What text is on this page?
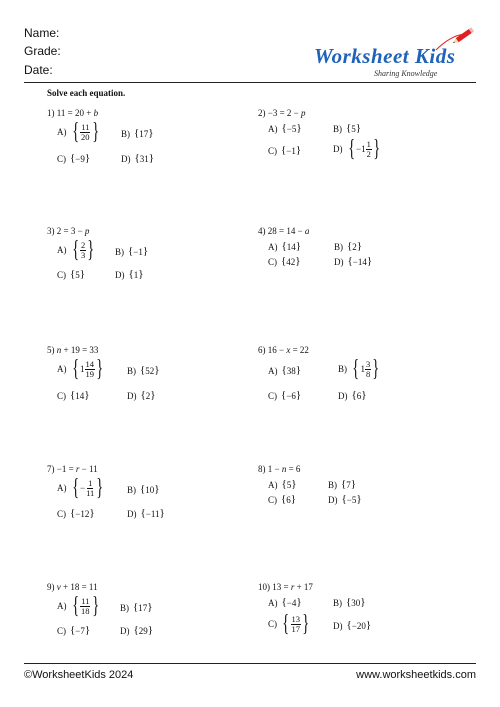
Name:
Grade:
Date:
Worksheet Kids
Sharing Knowledge
Solve each equation.
1) 11 = 20 + b
A) { $\frac{11}{20}$ } B) { 17 }
C) { −9 }	D) { 31 }
2) −3 = 2 − p
A) { −5 }	B) { 5 }
C) { −1 }	D) { − $1 \frac{1}{2}$ }
3) 2 = 3 − p
A) { $\frac{2}{3}$ } B) { −1 }
C) { 5 }	D) { 1 }
4) 28 = 14 − a
A) { 14 }	B) { 2 }
C) { 42 }	D) { −14 }
5) n + 19 = 33
A) { $1 \frac{14}{19}$ }	B) { 52 }
C) { 14 }	D) { 2 }
6) 16 − x = 22
A) { 38 }	B) { $1 \frac{3}{8}$ }
C) { −6 }	D) { 6 }
7) −1 = r − 11
A) { − $\frac{1}{11}$ }	B) { 10 }
C) { −12 }	D) { −11 }
8) 1 − n = 6
A) { 5 }	B) { 7 }
C) { 6 }	D) { −5 }
9) v + 18 = 11
A) { $\frac{11}{18}$ } B) { 17 }
C) { −7 }	D) { 29 }
10) 13 = r + 17
A) { −4 }	B) { 30 }
C) { $\frac{13}{17}$ }	D) { −20 }
©WorksheetKids 2024	www.worksheetkids.com
